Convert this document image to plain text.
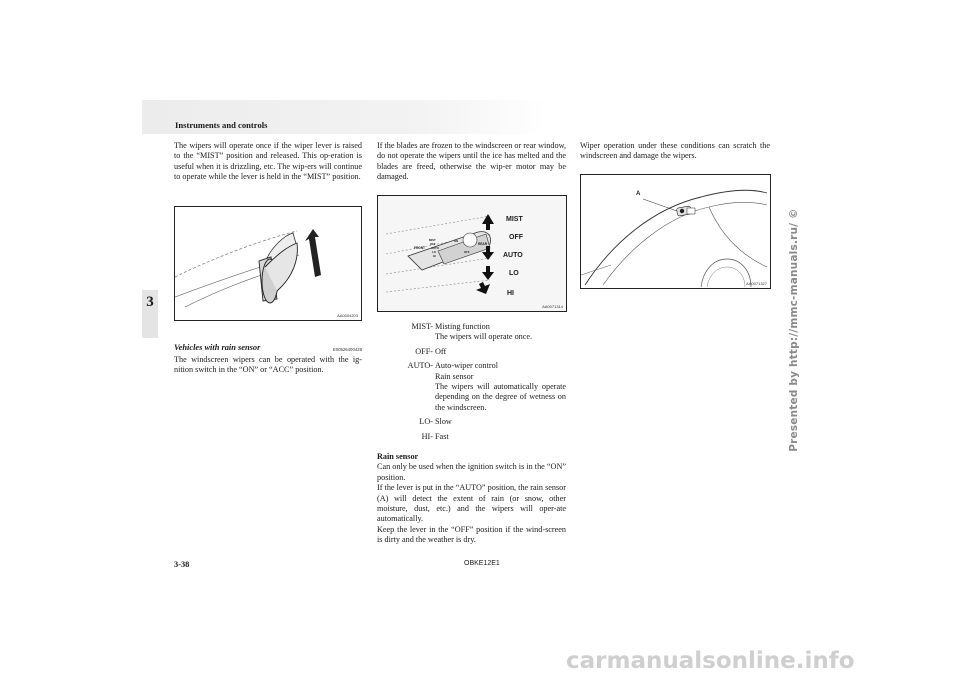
Instruments and controls
3

The wipers will operate once if the wiper lever is raised to the “MIST” position and released. This op-eration is useful when it is drizzling, etc. The wip-ers will continue to operate while the lever is held in the “MIST” position.

AA0004203
Vehicles with rain sensor	E00526400428

The windscreen wipers can be operated with the ig-nition switch in the “ON” or “ACC” position.

If the blades are frozen to the windscreen or rear window, do not operate the wipers until the ice has melted and the blades are freed, otherwise the wip-er motor may be damaged.

MIST
OFF
AUTO
LO
HI
FRONT
MIST
OFF
AUTO
LO
HI
REAR
ON
OFF
AA0071314
MIST- Misting function
The wipers will operate once.
OFF- Off
AUTO- Auto-wiper control
Rain sensor
The wipers will automatically operate depending on the degree of wetness on the windscreen.
LO- Slow
HI- Fast

Rain sensor

Can only be used when the ignition switch is in the “ON” position.

If the lever is put in the “AUTO” position, the rain sensor (A) will detect the extent of rain (or snow, other moisture, dust, etc.) and the wipers will oper-ate automatically.

Keep the lever in the “OFF” position if the wind-screen is dirty and the weather is dry.

Wiper operation under these conditions can scratch the windscreen and damage the wipers.

A
AA0071327
3-38	OBKE12E1
Presented by http://mmc-manuals.ru/ ©
carmanualsonline.info
